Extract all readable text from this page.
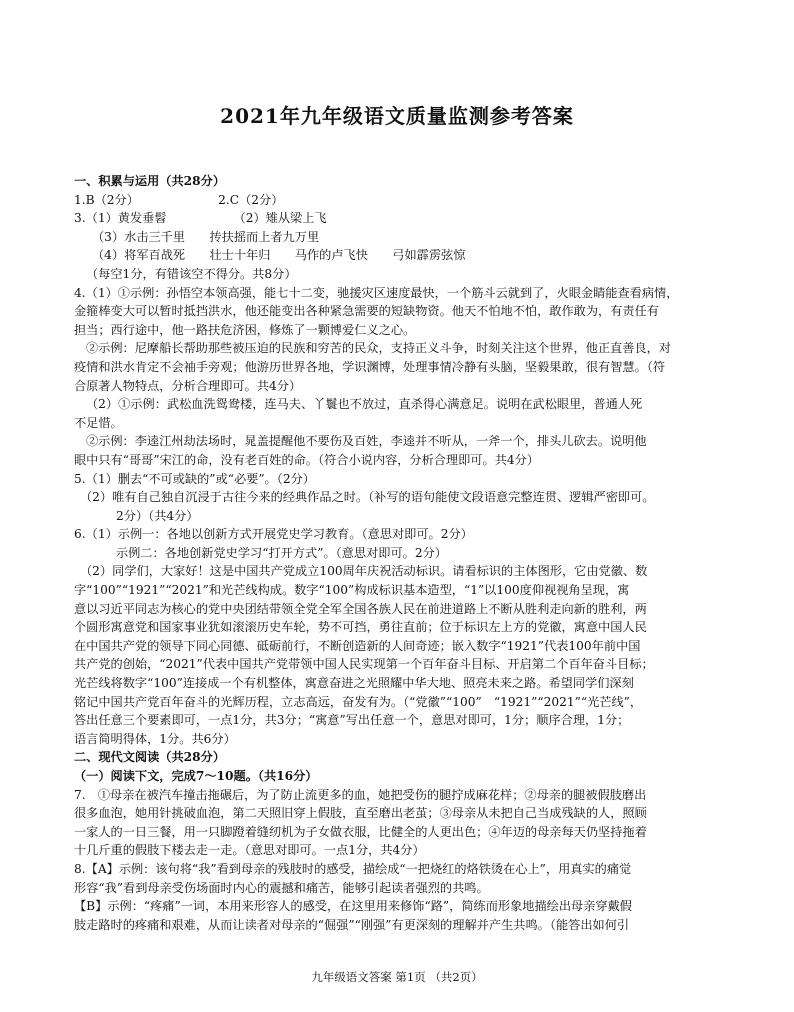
2021年九年级语文质量监测参考答案

一、积累与运用（共28分）

1.B（2分）　　　　　　　2.C（2分）

3.（1）黄发垂髫　　　　　　（2）雉从梁上飞

（3）水击三千里　　抟扶摇而上者九万里

（4）将军百战死　　壮士十年归　　马作的卢飞快　　弓如霹雳弦惊

（每空1分，有错该空不得分。共8分）

4.（1）①示例：孙悟空本领高强，能七十二变，驰援灾区速度最快，一个筋斗云就到了，火眼金睛能查看病情，

金箍棒变大可以暂时抵挡洪水，他还能变出各种紧急需要的短缺物资。他天不怕地不怕，敢作敢为，有责任有

担当；西行途中，他一路扶危济困，修炼了一颗博爱仁义之心。

②示例：尼摩船长帮助那些被压迫的民族和穷苦的民众，支持正义斗争，时刻关注这个世界，他正直善良，对

疫情和洪水肯定不会袖手旁观；他游历世界各地，学识渊博，处理事情冷静有头脑，坚毅果敢，很有智慧。（符

合原著人物特点，分析合理即可。共4分）

（2）①示例：武松血洗鸳鸯楼，连马夫、丫鬟也不放过，直杀得心满意足。说明在武松眼里，普通人死

不足惜。

②示例：李逵江州劫法场时，晁盖提醒他不要伤及百姓，李逵并不听从，一斧一个，排头儿砍去。说明他

眼中只有“哥哥”宋江的命，没有老百姓的命。（符合小说内容，分析合理即可。共4分）

5.（1）删去“不可或缺的”或“必要”。（2分）

（2）唯有自己独自沉浸于古往今来的经典作品之时。（补写的语句能使文段语意完整连贯、逻辑严密即可。

2分）（共4分）

6.（1）示例一：各地以创新方式开展党史学习教育。（意思对即可。2分）

示例二：各地创新党史学习“打开方式”。（意思对即可。2分）

（2）同学们，大家好！这是中国共产党成立100周年庆祝活动标识。请看标识的主体图形，它由党徽、数

字“100”“1921”“2021”和光芒线构成。数字“100”构成标识基本造型，“1”以100度仰视视角呈现，寓

意以习近平同志为核心的党中央团结带领全党全军全国各族人民在前进道路上不断从胜利走向新的胜利，两

个圆形寓意党和国家事业犹如滚滚历史车轮，势不可挡，勇往直前；位于标识左上方的党徽，寓意中国人民

在中国共产党的领导下同心同德、砥砺前行，不断创造新的人间奇迹；嵌入数字“1921”代表100年前中国

共产党的创始，“2021”代表中国共产党带领中国人民实现第一个百年奋斗目标、开启第二个百年奋斗目标；

光芒线将数字“100”连接成一个有机整体，寓意奋进之光照耀中华大地、照亮未来之路。希望同学们深刻

铭记中国共产党百年奋斗的光辉历程，立志高远，奋发有为。（“党徽”“100”　“1921”“2021”“光芒线”，

答出任意三个要素即可，一点1分，共3分；“寓意”写出任意一个，意思对即可，1分；顺序合理，1分；

语言简明得体，1分。共6分）

二、现代文阅读（共28分）

（一）阅读下文，完成7～10题。（共16分）

7.　①母亲在被汽车撞击拖碾后，为了防止流更多的血，她把受伤的腿拧成麻花样；②母亲的腿被假肢磨出

很多血泡，她用针挑破血泡，第二天照旧穿上假肢，直至磨出老茧；③母亲从未把自己当成残缺的人，照顾

一家人的一日三餐，用一只脚蹬着缝纫机为子女做衣服，比健全的人更出色；④年迈的母亲每天仍坚持拖着

十几斤重的假肢下楼去走一走。（意思对即可。一点1分，共4分）

8.【A】示例：该句将“我”看到母亲的残肢时的感受，描绘成“一把烧红的烙铁烫在心上”，用真实的痛觉

形容“我”看到母亲受伤场面时内心的震撼和痛苦，能够引起读者强烈的共鸣。

【B】示例：“疼痛”一词，本用来形容人的感受，在这里用来修饰“路”，简练而形象地描绘出母亲穿戴假

肢走路时的疼痛和艰难，从而让读者对母亲的“倔强”“刚强”有更深刻的理解并产生共鸣。（能答出如何引

九年级语文答案 第1页 （共2页）
